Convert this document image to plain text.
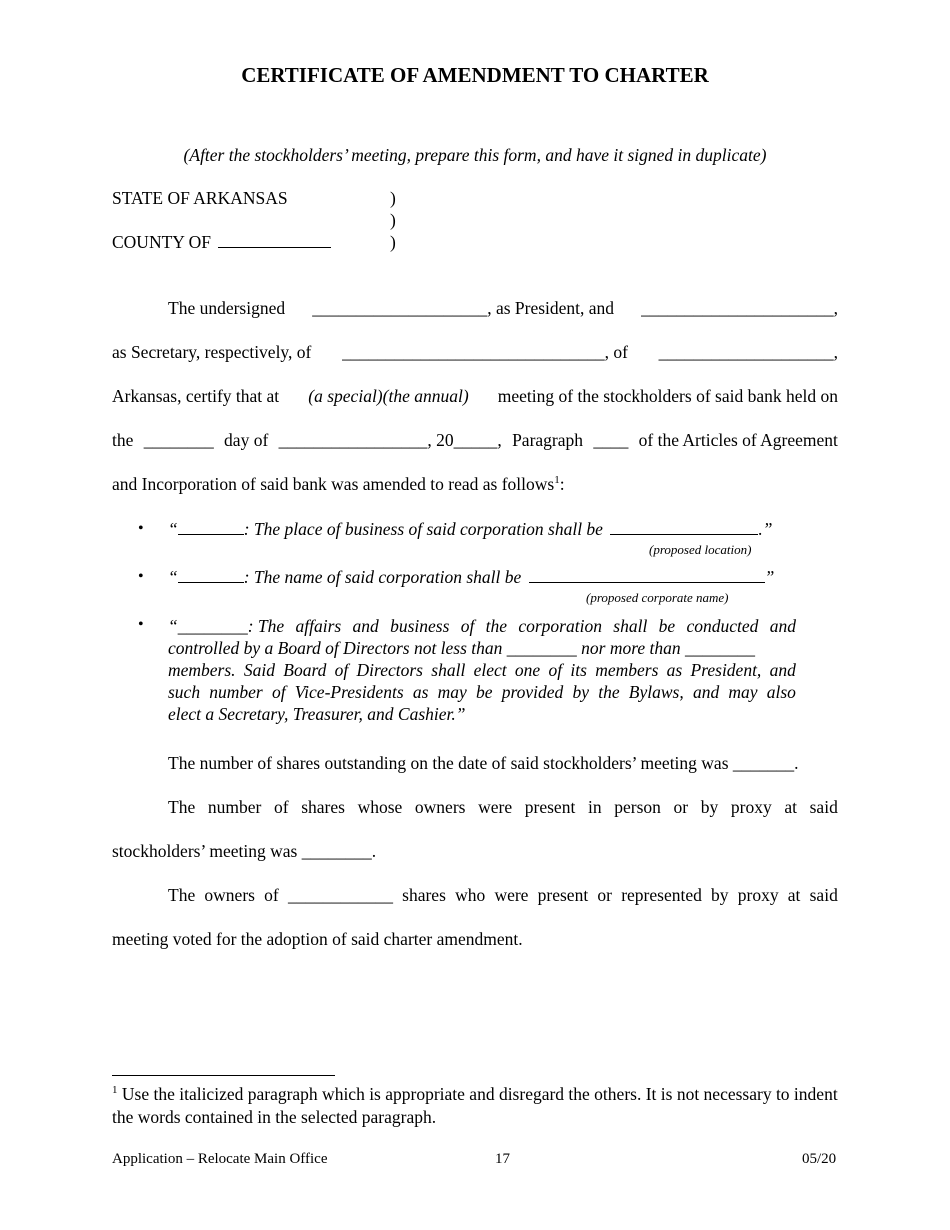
CERTIFICATE OF AMENDMENT TO CHARTER
(After the stockholders’ meeting, prepare this form, and have it signed in duplicate)
STATE OF ARKANSAS	)
)
COUNTY OF	)
The undersigned ____________________, as President, and ______________________,
as Secretary, respectively, of ______________________________, of ____________________,
Arkansas, certify that at (a special)(the annual) meeting of the stockholders of said bank held on
the ________ day of _________________, 20_____, Paragraph ____ of the Articles of Agreement
and Incorporation of said bank was amended to read as follows$^1$:
• “	: The place of business of said corporation shall be	.”
(proposed location)
• “	: The name of said corporation shall be	”
(proposed corporate name)
• “________: The affairs and business of the corporation shall be conducted and
controlled by a Board of Directors not less than ________ nor more than ________
members. Said Board of Directors shall elect one of its members as President, and
such number of Vice-Presidents as may be provided by the Bylaws, and may also
elect a Secretary, Treasurer, and Cashier.”
The number of shares outstanding on the date of said stockholders’ meeting was _______.
The number of shares whose owners were present in person or by proxy at said
stockholders’ meeting was ________.
The owners of ____________ shares who were present or represented by proxy at said
meeting voted for the adoption of said charter amendment.
$^1$ Use the italicized paragraph which is appropriate and disregard the others. It is not necessary to indent the words contained in the selected paragraph.
Application – Relocate Main Office	17	05/20
